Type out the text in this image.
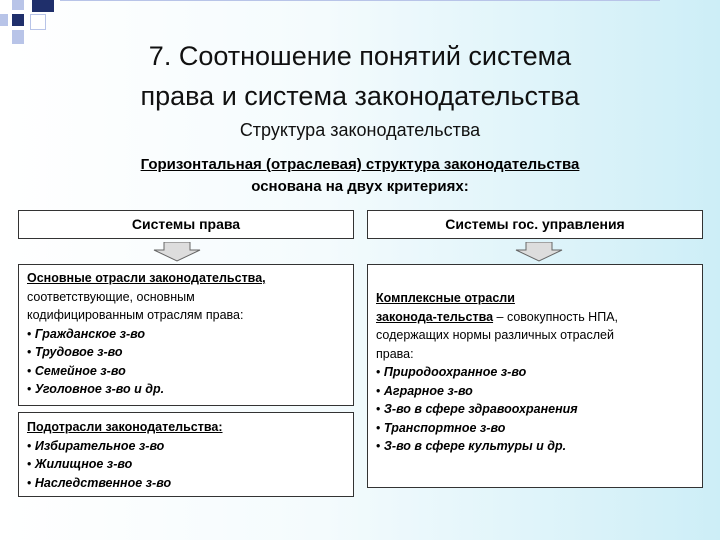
7. Соотношение понятий система
права и система законодательства
Структура законодательства
Горизонтальная (отраслевая) структура законодательства
основана на двух критериях:
Системы права	Системы гос. управления
Основные отрасли законодательства,
соответствующие, основным
кодифицированным отраслям права:
• Гражданское з-во
• Трудовое з-во
• Семейное з-во
• Уголовное з-во и др.
Подотрасли законодательства:
• Избирательное з-во
• Жилищное з-во
• Наследственное з-во
Комплексные отрасли
законода-тельства – совокупность НПА,
содержащих нормы различных отраслей
права:
• Природоохранное з-во
• Аграрное з-во
• З-во в сфере здравоохранения
• Транспортное з-во
• З-во в сфере культуры и др.
